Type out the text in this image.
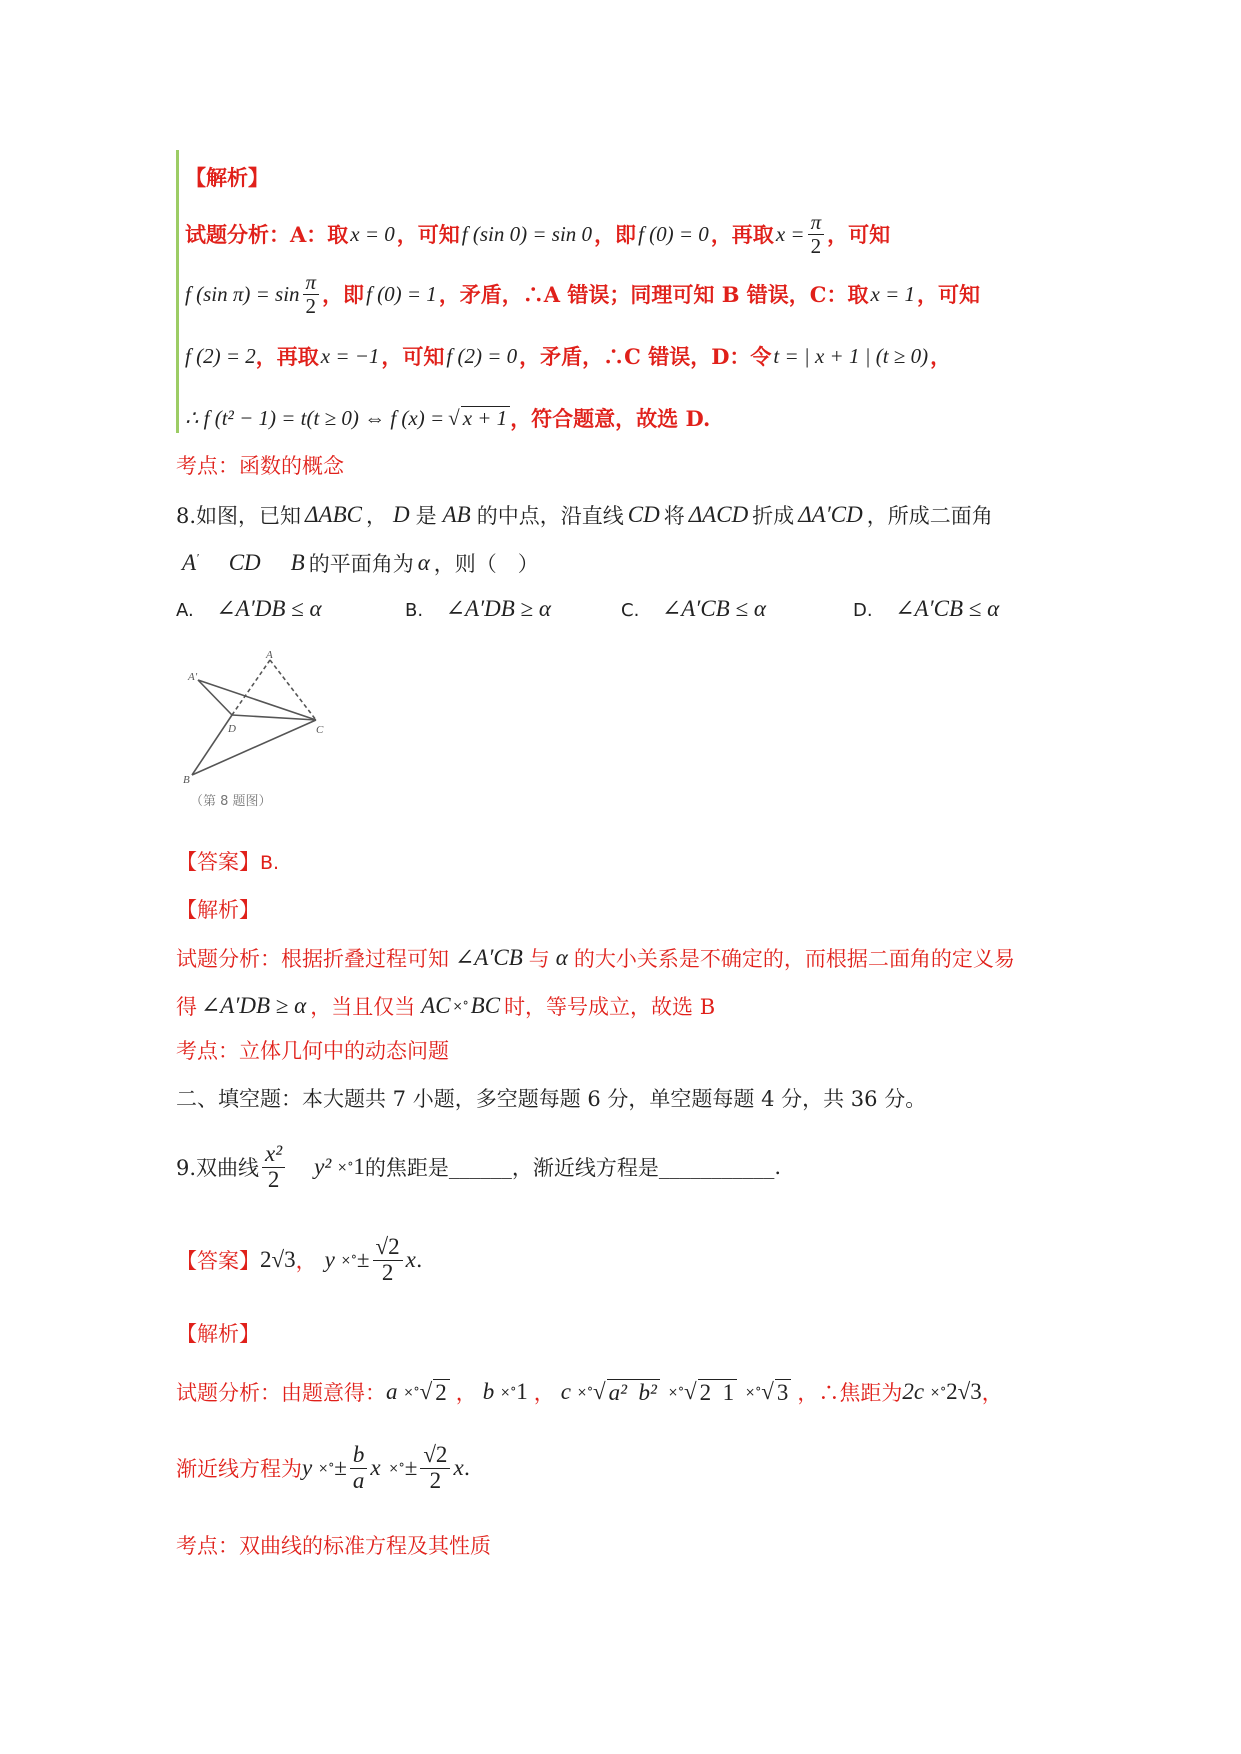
【解析】
试题分析：A：取 x = 0 ，可知 f (sin 0) = sin 0 ，即 f (0) = 0 ，再取 $x = \frac{\pi}{2}$ ，可知
f (sin $\pi) = \sin \frac{\pi}{2}$ ，即 f (0) = 1 ，矛盾，∴A 错误；同理可知 B 错误，C：取 x = 1 ，可知
f (2) = 2 ，再取 x = −1 ，可知 f (2) = 0 ，矛盾，∴C 错误，D：令 t = | x + 1 | (t ≥ 0) ，
∴ f (t² − 1) = t(t ≥ 0) ⇔ f (x) = √ x + 1 ，符合题意，故选 D.
考点：函数的概念
8.如图，已知 ΔABC ， D 是 AB 的中点，沿直线 CD 将 ΔACD 折成 ΔA′CD ，所成二面角
A′ CD B 的平面角为 α ，则（　）
A. ∠A′DB ≤ α	B. ∠A′DB ≥ α	C. ∠A′CB ≤ α	D. ∠A′CB ≤ α
A′
A
D	C
B
（第 8 题图）
【答案】B.
【解析】
试题分析：根据折叠过程可知 ∠A′CB 与 α 的大小关系是不确定的，而根据二面角的定义易
得 ∠A′DB ≥ α ，当且仅当 AC ×° BC 时，等号成立，故选 B
考点：立体几何中的动态问题
二、填空题：本大题共 7 小题，多空题每题 6 分，单空题每题 4 分，共 36 分。
9.双曲线 $\frac{\text{x²}}{2} y^2$ ×° 1 的焦距是 ______ ，渐近线方程是 ___________ .
【答案】 2√3 ， y ×° ± $\frac{√2}{2}$ x .
【解析】
试题分析：由题意得： a ×° √ 2 ， b ×° 1 ， c ×° √ a²  b² ×° √ 2  1 ×° √ 3 ，∴焦距为 2c ×° 2√3 ，
渐近线方程为 y ×° ± $\frac{b}{a}$ x ×° ± $\frac{√2}{2}$ x .
考点：双曲线的标准方程及其性质
